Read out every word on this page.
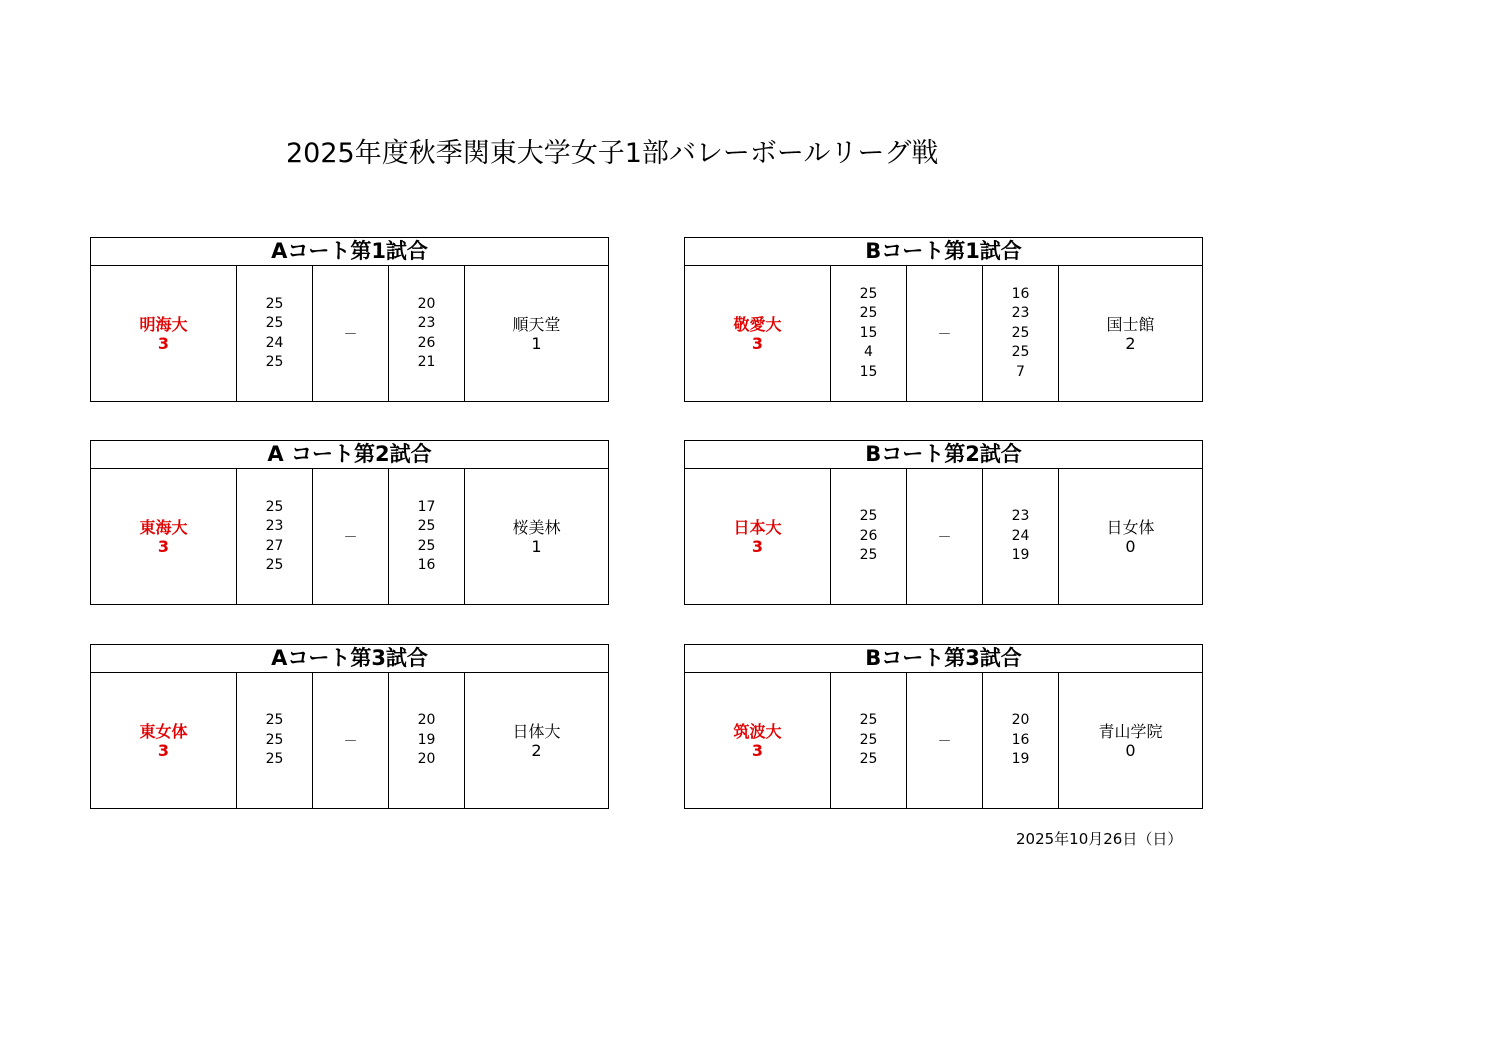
2025年度秋季関東大学女子1部バレーボールリーグ戦
Aコート第1試合
明海大
3
25
25
24
25
－
20
23
26
21
順天堂
1
Bコート第1試合
敬愛大
3
25
25
15
4
15
－
16
23
25
25
7
国士館
2
A コート第2試合
東海大
3
25
23
27
25
－
17
25
25
16
桜美林
1
Bコート第2試合
日本大
3
25
26
25
－
23
24
19
日女体
0
Aコート第3試合
東女体
3
25
25
25
－
20
19
20
日体大
2
Bコート第3試合
筑波大
3
25
25
25
－
20
16
19
青山学院
0
2025年10月26日（日）
